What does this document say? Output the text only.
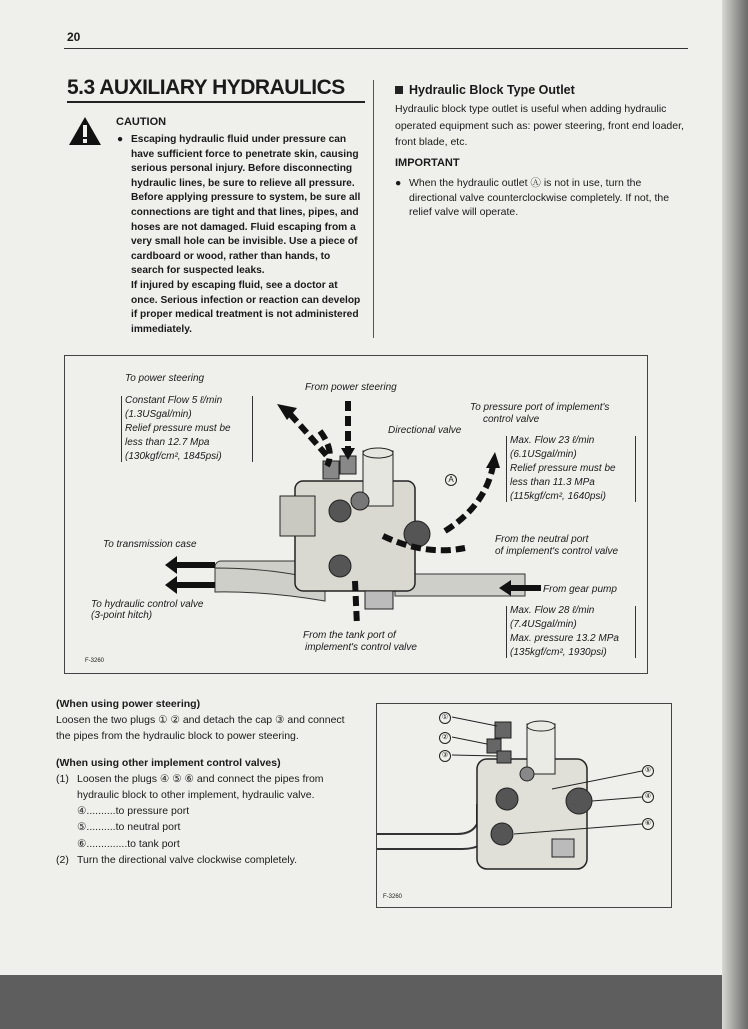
20
5.3 AUXILIARY HYDRAULICS
CAUTION
● Escaping hydraulic fluid under pressure can have sufficient force to penetrate skin, causing serious personal injury. Before disconnecting hydraulic lines, be sure to relieve all pressure. Before applying pressure to system, be sure all connections are tight and that lines, pipes, and hoses are not damaged. Fluid escaping from a very small hole can be invisible. Use a piece of cardboard or wood, rather than hands, to search for suspected leaks.
If injured by escaping fluid, see a doctor at once. Serious infection or reaction can develop if proper medical treatment is not administered immediately.
Hydraulic Block Type Outlet
Hydraulic block type outlet is useful when adding hydraulic operated equipment such as: power steering, front end loader, front blade, etc.
IMPORTANT
● When the hydraulic outlet Ⓐ is not in use, turn the directional valve counterclockwise completely. If not, the relief valve will operate.
To power steering
From power steering
To pressure port of implement's
control valve
Directional valve
A
To transmission case	From the neutral port
of implement's control valve
From gear pump
To hydraulic control valve
(3-point hitch)
From the tank port of
implement's control valve
Constant Flow 5 ℓ/min
(1.3USgal/min)
Relief pressure must be
less than 12.7 Mpa
(130kgf/cm², 1845psi)
Max. Flow 23 ℓ/min
(6.1USgal/min)
Relief pressure must be
less than 11.3 MPa
(115kgf/cm², 1640psi)
Max. Flow 28 ℓ/min
(7.4USgal/min)
Max. pressure 13.2 MPa
(135kgf/cm², 1930psi)
F-3260
(When using power steering)
Loosen the two plugs ① ② and detach the cap ③ and connect the pipes from the hydraulic block to power steering.
(When using other implement control valves)
(1) Loosen the plugs ④ ⑤ ⑥ and connect the pipes from hydraulic block to other implement, hydraulic valve.
④..........to pressure port
⑤..........to neutral port
⑥..............to tank port
(2) Turn the directional valve clockwise completely.
①
②
③
⑤
④
⑥
F-3260
